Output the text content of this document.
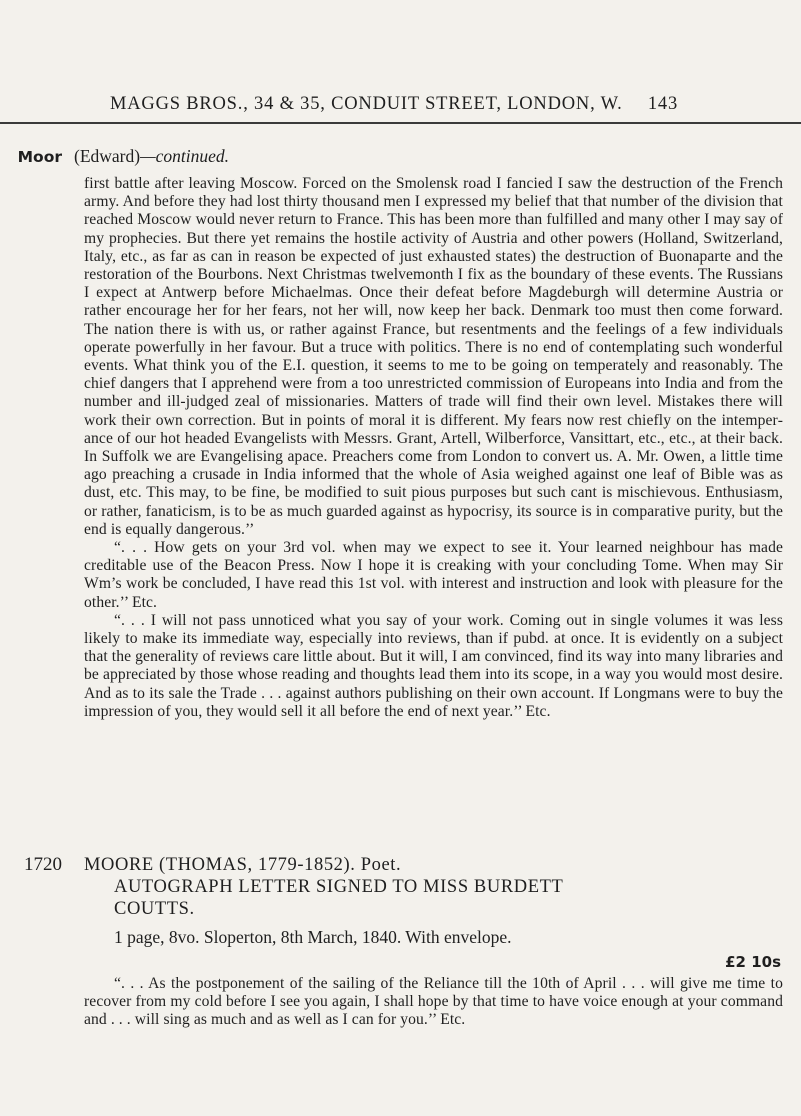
MAGGS BROS., 34 & 35, CONDUIT STREET, LONDON, W. 143
Moor (Edward)—continued.

first battle after leaving Moscow. Forced on the Smolensk road I fancied I saw the destruction of the French army. And before they had lost thirty thousand men I expressed my belief that that number of the division that reached Moscow would never return to France. This has been more than fulfilled and many other I may say of my prophecies. But there yet remains the hostile activity of Austria and other powers (Holland, Switzerland, Italy, etc., as far as can in reason be expected of just exhausted states) the destruction of Buonaparte and the restoration of the Bourbons. Next Christmas twelvemonth I fix as the boundary of these events. The Russians I expect at Antwerp before Michaelmas. Once their defeat before Magdeburgh will determine Austria or rather encourage her for her fears, not her will, now keep her back. Denmark too must then come forward. The nation there is with us, or rather against France, but resentments and the feelings of a few individuals operate powerfully in her favour. But a truce with politics. There is no end of contemplating such wonderful events. What think you of the E.I. question, it seems to me to be going on temperately and reasonably. The chief dangers that I apprehend were from a too unrestricted commission of Europeans into India and from the number and ill-judged zeal of missionaries. Matters of trade will find their own level. Mistakes there will work their own correction. But in points of moral it is different. My fears now rest chiefly on the intemperance of our hot headed Evangelists with Messrs. Grant, Artell, Wilberforce, Vansittart, etc., etc., at their back. In Suffolk we are Evangelising apace. Preachers come from London to convert us. A. Mr. Owen, a little time ago preaching a crusade in India informed that the whole of Asia weighed against one leaf of Bible was as dust, etc. This may, to be fine, be modified to suit pious purposes but such cant is mischievous. Enthusiasm, or rather, fanaticism, is to be as much guarded against as hypocrisy, its source is in comparative purity, but the end is equally dangerous.’’

“. . . How gets on your 3rd vol. when may we expect to see it. Your learned neighbour has made creditable use of the Beacon Press. Now I hope it is creaking with your concluding Tome. When may Sir Wm’s work be concluded, I have read this 1st vol. with interest and instruction and look with pleasure for the other.’’ Etc.

“. . . I will not pass unnoticed what you say of your work. Coming out in single volumes it was less likely to make its immediate way, especially into reviews, than if pubd. at once. It is evidently on a subject that the generality of reviews care little about. But it will, I am convinced, find its way into many libraries and be appreciated by those whose reading and thoughts lead them into its scope, in a way you would most desire. And as to its sale the Trade . . . against authors publishing on their own account. If Longmans were to buy the impression of you, they would sell it all before the end of next year.’’ Etc.

1720 MOORE (THOMAS, 1779-1852). Poet.
AUTOGRAPH LETTER SIGNED TO MISS BURDETT
COUTTS.
1 page, 8vo. Sloperton, 8th March, 1840. With envelope.
£2 10s

“. . . As the postponement of the sailing of the Reliance till the 10th of April . . . will give me time to recover from my cold before I see you again, I shall hope by that time to have voice enough at your command and . . . will sing as much and as well as I can for you.’’ Etc.
